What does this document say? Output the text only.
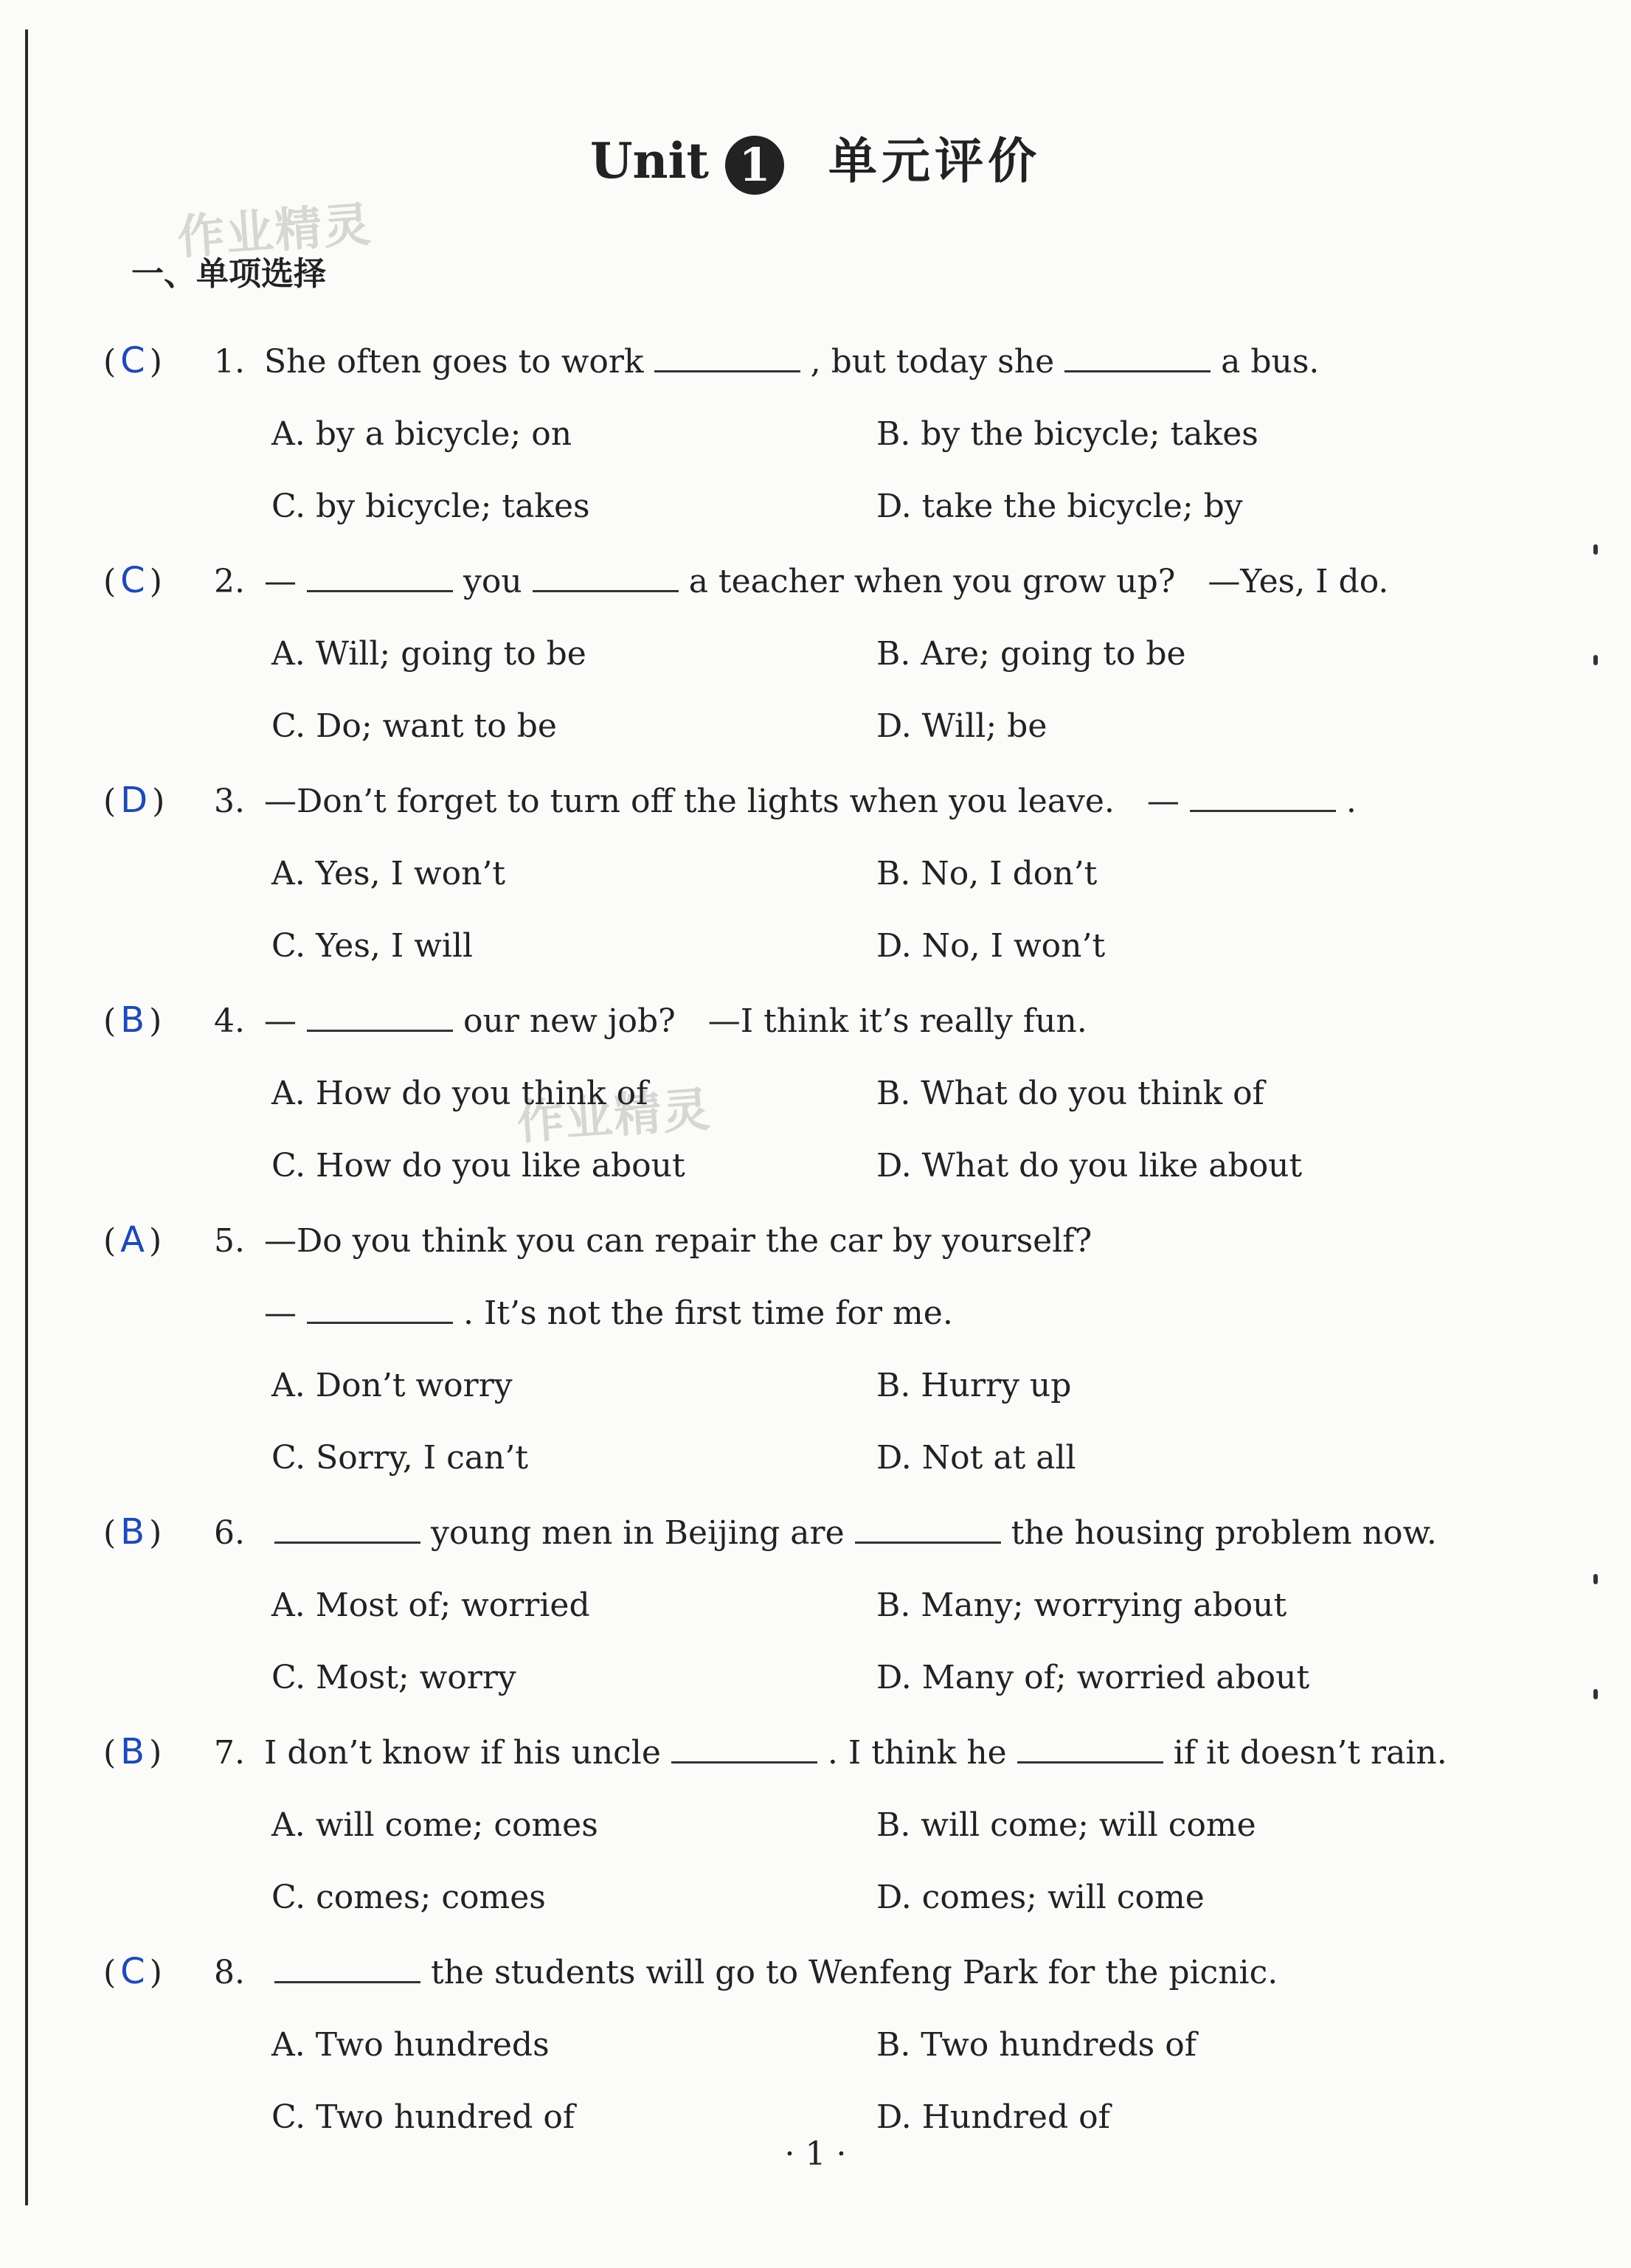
作业精灵
作业精灵
Unit 1 单元评价
一、单项选择
( C )	1. She often goes to work	, but today she	a bus.
A. by a bicycle; on	B. by the bicycle; takes
C. by bicycle; takes	D. take the bicycle; by
( C )	2. —	you	a teacher when you grow up?　—Yes, I do.
A. Will; going to be	B. Are; going to be
C. Do; want to be	D. Will; be
( D )	3. —Don’t forget to turn off the lights when you leave.　—	.
A. Yes, I won’t	B. No, I don’t
C. Yes, I will	D. No, I won’t
( B )	4. —	our new job?　—I think it’s really fun.
A. How do you think of	B. What do you think of
C. How do you like about	D. What do you like about
( A )	5. —Do you think you can repair the car by yourself?
—	. It’s not the first time for me.
A. Don’t worry	B. Hurry up
C. Sorry, I can’t	D. Not at all
( B )	6.	young men in Beijing are	the housing problem now.
A. Most of; worried	B. Many; worrying about
C. Most; worry	D. Many of; worried about
( B )	7. I don’t know if his uncle	. I think he	if it doesn’t rain.
A. will come; comes	B. will come; will come
C. comes; comes	D. comes; will come
( C )	8.	the students will go to Wenfeng Park for the picnic.
A. Two hundreds	B. Two hundreds of
C. Two hundred of	D. Hundred of
· 1 ·
